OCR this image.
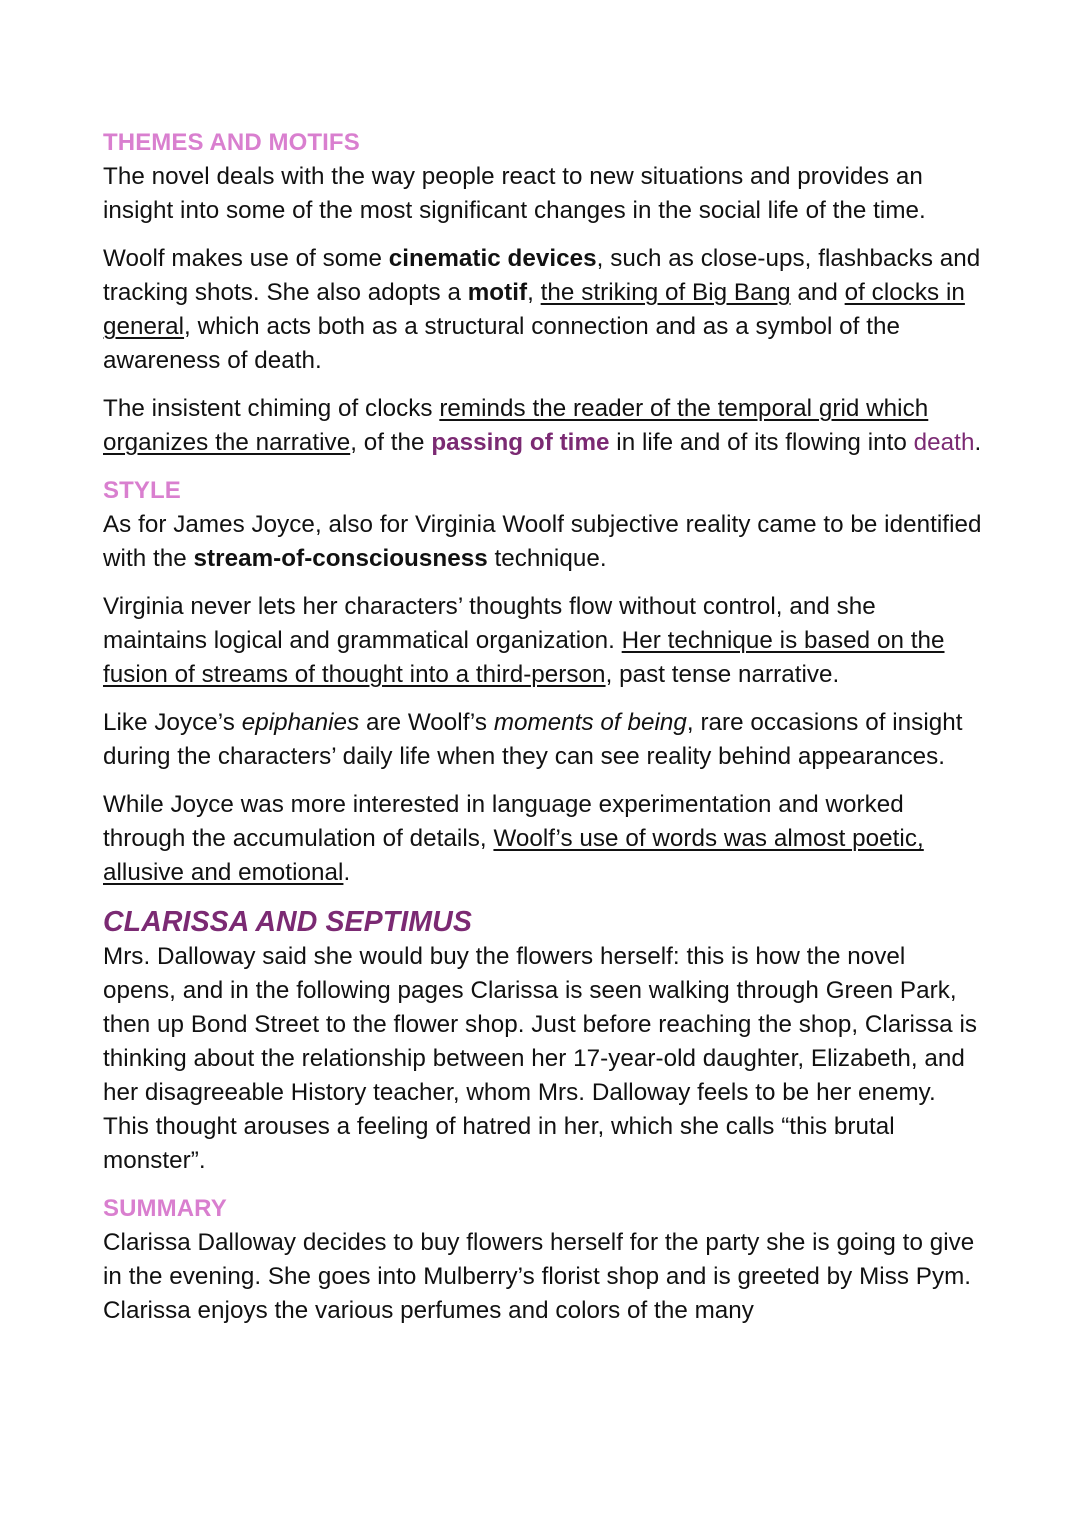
THEMES AND MOTIFS

The novel deals with the way people react to new situations and provides an insight into some of the most significant changes in the social life of the time.

Woolf makes use of some cinematic devices, such as close-ups, flashbacks and tracking shots. She also adopts a motif, the striking of Big Bang and of clocks in general, which acts both as a structural connection and as a symbol of the awareness of death.

The insistent chiming of clocks reminds the reader of the temporal grid which organizes the narrative, of the passing of time in life and of its flowing into death.

STYLE

As for James Joyce, also for Virginia Woolf subjective reality came to be identified with the stream-of-consciousness technique.

Virginia never lets her characters’ thoughts flow without control, and she maintains logical and grammatical organization. Her technique is based on the fusion of streams of thought into a third-person, past tense narrative.

Like Joyce’s epiphanies are Woolf’s moments of being, rare occasions of insight during the characters’ daily life when they can see reality behind appearances.

While Joyce was more interested in language experimentation and worked through the accumulation of details, Woolf’s use of words was almost poetic, allusive and emotional.

CLARISSA AND SEPTIMUS

Mrs. Dalloway said she would buy the flowers herself: this is how the novel opens, and in the following pages Clarissa is seen walking through Green Park, then up Bond Street to the flower shop. Just before reaching the shop, Clarissa is thinking about the relationship between her 17-year-old daughter, Elizabeth, and her disagreeable History teacher, whom Mrs. Dalloway feels to be her enemy. This thought arouses a feeling of hatred in her, which she calls “this brutal monster”.

SUMMARY

Clarissa Dalloway decides to buy flowers herself for the party she is going to give in the evening. She goes into Mulberry’s florist shop and is greeted by Miss Pym. Clarissa enjoys the various perfumes and colors of the many
